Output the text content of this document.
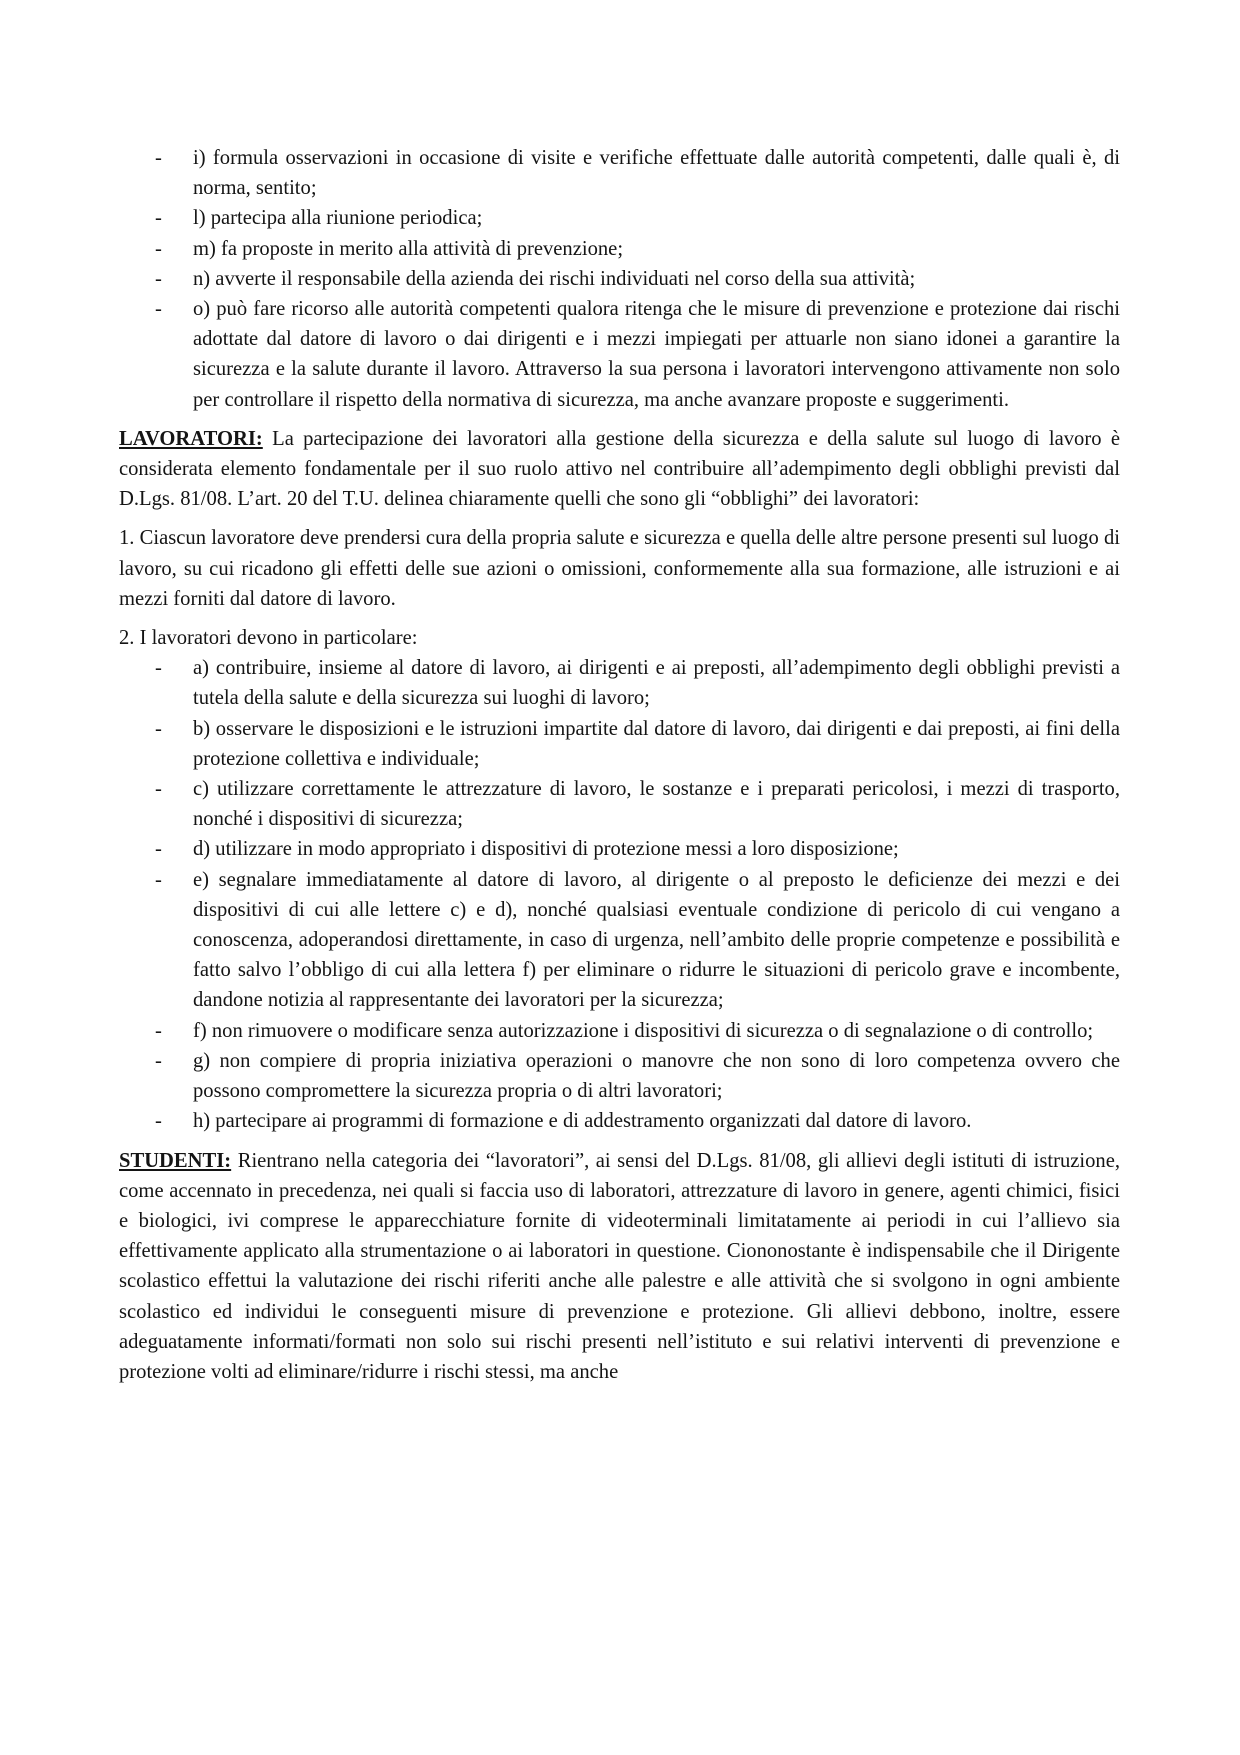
- i) formula osservazioni in occasione di visite e verifiche effettuate dalle autorità competenti, dalle quali è, di norma, sentito;
- l) partecipa alla riunione periodica;
- m) fa proposte in merito alla attività di prevenzione;
- n) avverte il responsabile della azienda dei rischi individuati nel corso della sua attività;
- o) può fare ricorso alle autorità competenti qualora ritenga che le misure di prevenzione e protezione dai rischi adottate dal datore di lavoro o dai dirigenti e i mezzi impiegati per attuarle non siano idonei a garantire la sicurezza e la salute durante il lavoro. Attraverso la sua persona i lavoratori intervengono attivamente non solo per controllare il rispetto della normativa di sicurezza, ma anche avanzare proposte e suggerimenti.

LAVORATORI: La partecipazione dei lavoratori alla gestione della sicurezza e della salute sul luogo di lavoro è considerata elemento fondamentale per il suo ruolo attivo nel contribuire all’adempimento degli obblighi previsti dal D.Lgs. 81/08. L’art. 20 del T.U. delinea chiaramente quelli che sono gli “obblighi” dei lavoratori:

1. Ciascun lavoratore deve prendersi cura della propria salute e sicurezza e quella delle altre persone presenti sul luogo di lavoro, su cui ricadono gli effetti delle sue azioni o omissioni, conformemente alla sua formazione, alle istruzioni e ai mezzi forniti dal datore di lavoro.

2. I lavoratori devono in particolare:

- a) contribuire, insieme al datore di lavoro, ai dirigenti e ai preposti, all’adempimento degli obblighi previsti a tutela della salute e della sicurezza sui luoghi di lavoro;
- b) osservare le disposizioni e le istruzioni impartite dal datore di lavoro, dai dirigenti e dai preposti, ai fini della protezione collettiva e individuale;
- c) utilizzare correttamente le attrezzature di lavoro, le sostanze e i preparati pericolosi, i mezzi di trasporto, nonché i dispositivi di sicurezza;
- d) utilizzare in modo appropriato i dispositivi di protezione messi a loro disposizione;
- e) segnalare immediatamente al datore di lavoro, al dirigente o al preposto le deficienze dei mezzi e dei dispositivi di cui alle lettere c) e d), nonché qualsiasi eventuale condizione di pericolo di cui vengano a conoscenza, adoperandosi direttamente, in caso di urgenza, nell’ambito delle proprie competenze e possibilità e fatto salvo l’obbligo di cui alla lettera f) per eliminare o ridurre le situazioni di pericolo grave e incombente, dandone notizia al rappresentante dei lavoratori per la sicurezza;
- f) non rimuovere o modificare senza autorizzazione i dispositivi di sicurezza o di segnalazione o di controllo;
- g) non compiere di propria iniziativa operazioni o manovre che non sono di loro competenza ovvero che possono compromettere la sicurezza propria o di altri lavoratori;
- h) partecipare ai programmi di formazione e di addestramento organizzati dal datore di lavoro.

STUDENTI: Rientrano nella categoria dei “lavoratori”, ai sensi del D.Lgs. 81/08, gli allievi degli istituti di istruzione, come accennato in precedenza, nei quali si faccia uso di laboratori, attrezzature di lavoro in genere, agenti chimici, fisici e biologici, ivi comprese le apparecchiature fornite di videoterminali limitatamente ai periodi in cui l’allievo sia effettivamente applicato alla strumentazione o ai laboratori in questione. Ciononostante è indispensabile che il Dirigente scolastico effettui la valutazione dei rischi riferiti anche alle palestre e alle attività che si svolgono in ogni ambiente scolastico ed individui le conseguenti misure di prevenzione e protezione. Gli allievi debbono, inoltre, essere adeguatamente informati/formati non solo sui rischi presenti nell’istituto e sui relativi interventi di prevenzione e protezione volti ad eliminare/ridurre i rischi stessi, ma anche
